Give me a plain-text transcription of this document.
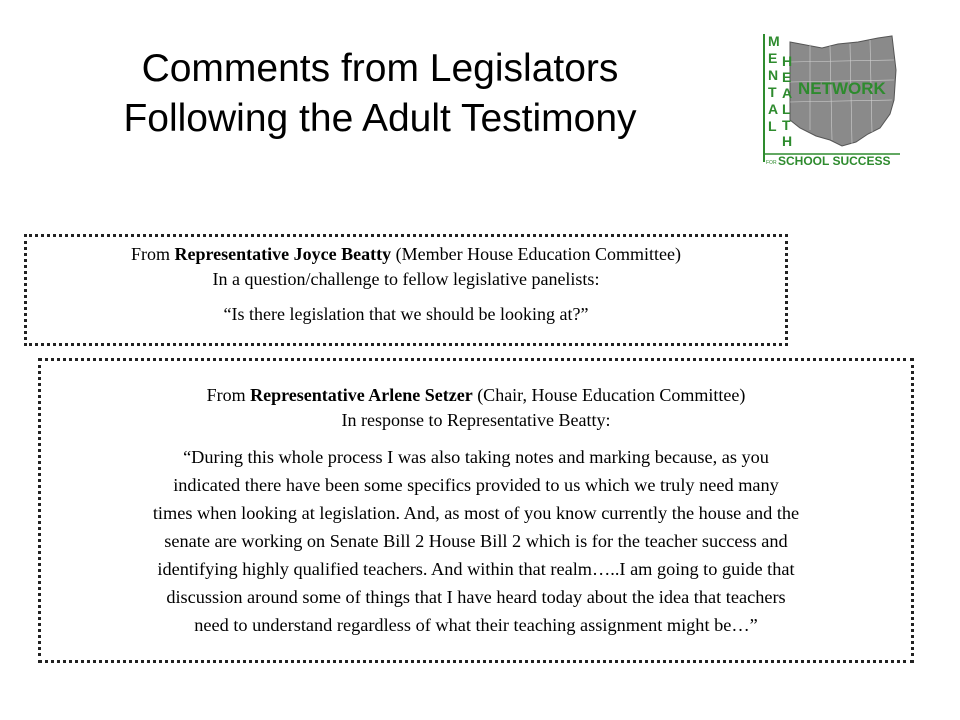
Comments from Legislators
Following the Adult Testimony
M
E
N
T
A
L
H
E
A
L
T
H
NETWORK
FOR SCHOOL SUCCESS

From Representative Joyce Beatty (Member House Education Committee)

In a question/challenge to fellow legislative panelists:

“Is there legislation that we should be looking at?”

From Representative Arlene Setzer (Chair, House Education Committee)

In response to Representative Beatty:

“During this whole process I was also taking notes and marking because, as you
indicated there have been some specifics provided to us which we truly need many
times when looking at legislation. And, as most of you know currently the house and the
senate are working on Senate Bill 2 House Bill 2 which is for the teacher success and
identifying highly qualified teachers. And within that realm…..I am going to guide that
discussion around some of things that I have heard today about the idea that teachers
need to understand regardless of what their teaching assignment might be…”
